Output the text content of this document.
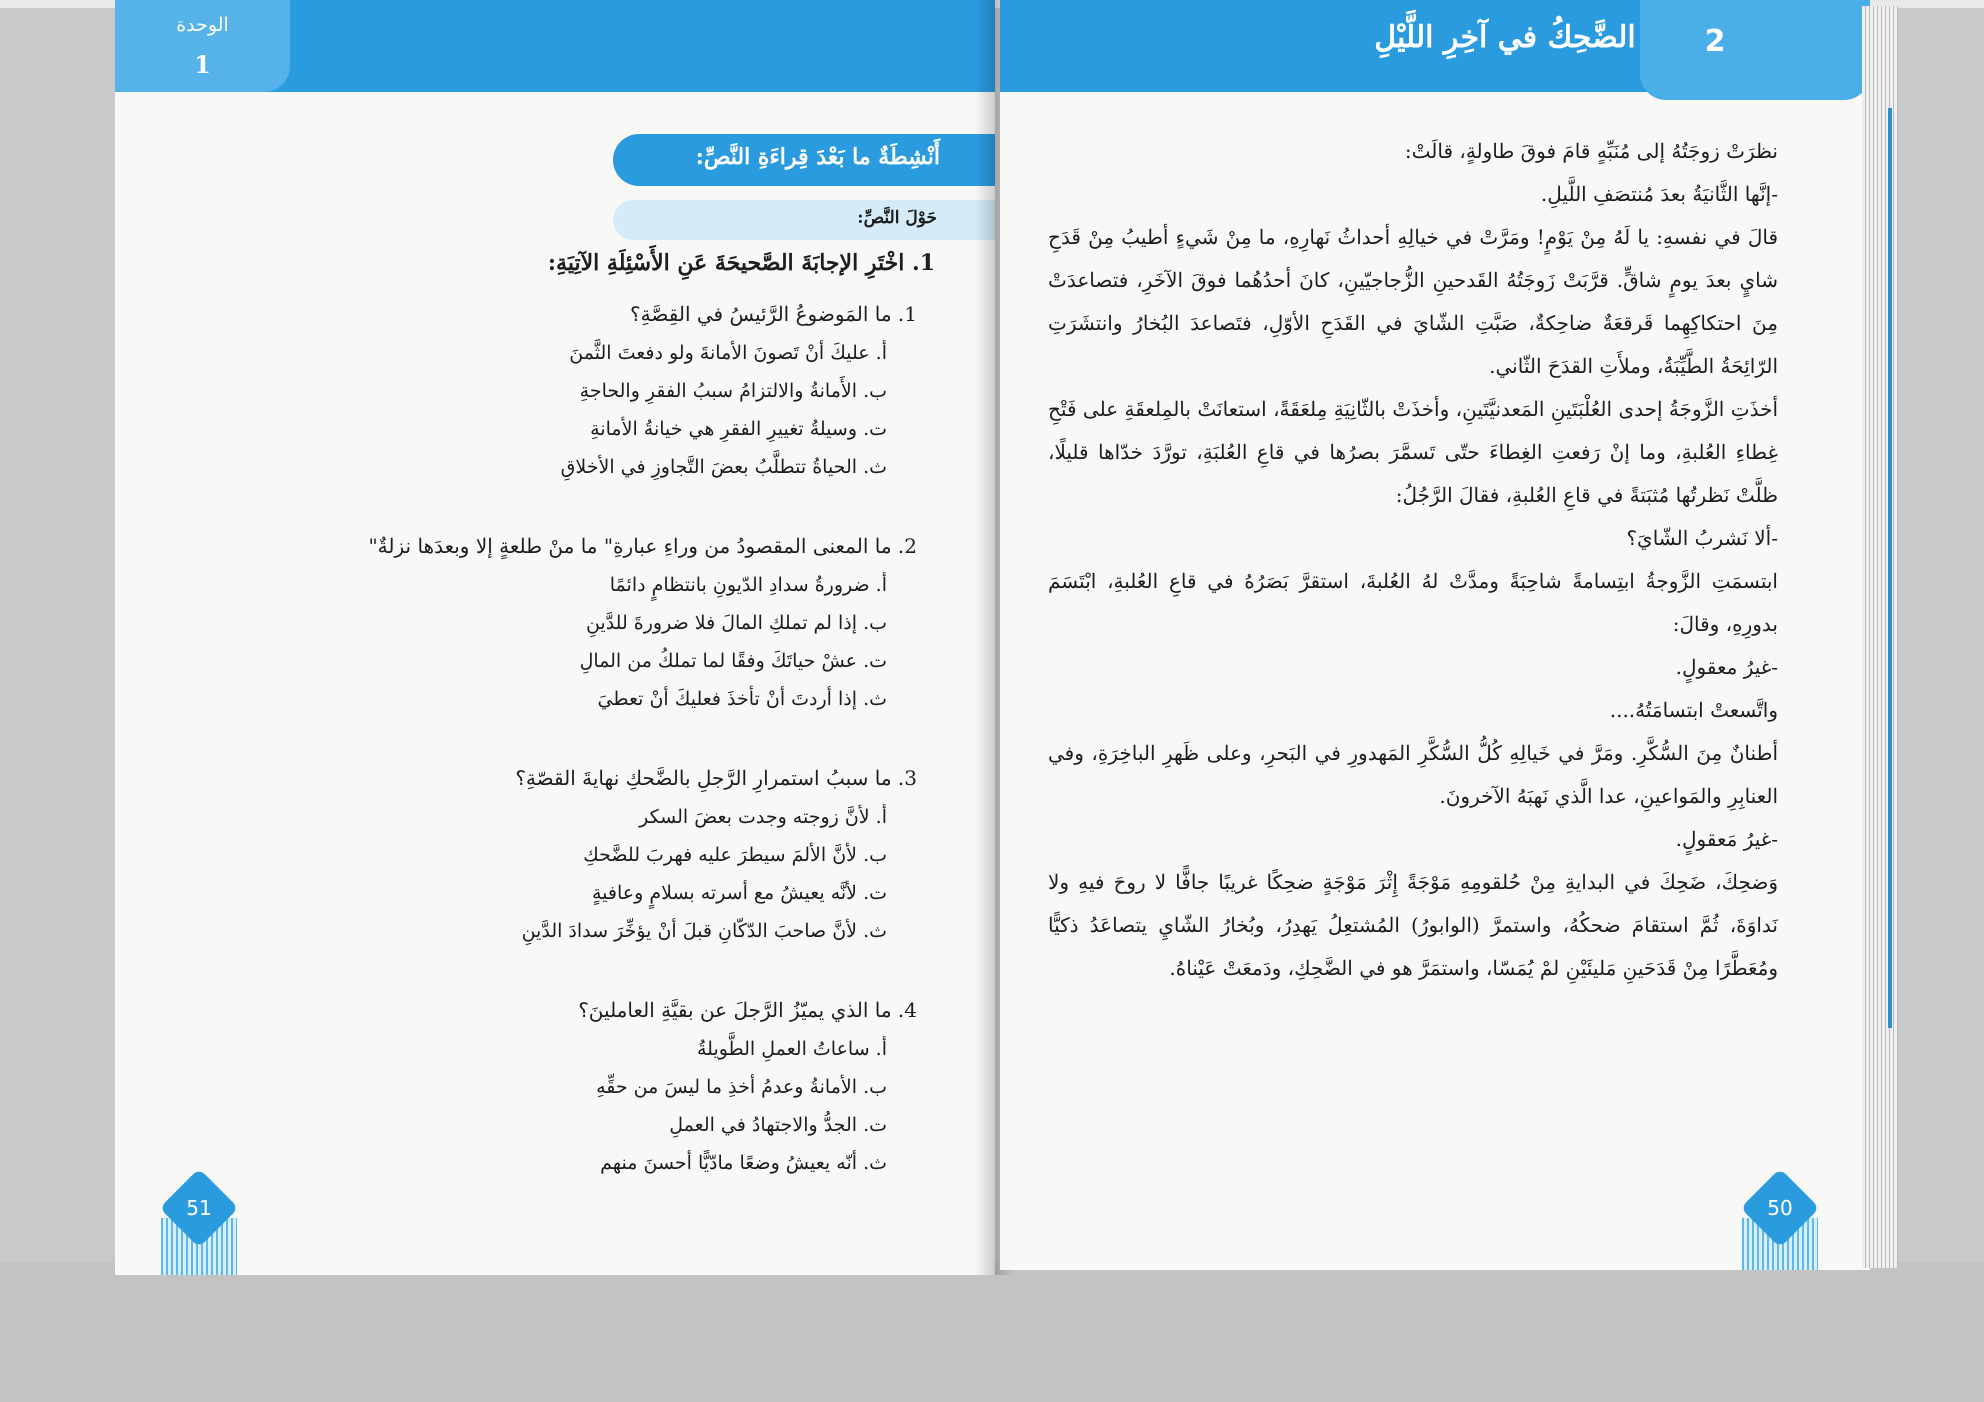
الوحدة
1
أَنْشِطَةٌ ما بَعْدَ قِراءَةِ النَّصِّ:
حَوْلَ النَّصِّ:
1. اخْتَرِ الإجابَةَ الصَّحيحَةَ عَنِ الأَسْئِلَةِ الآتِيَةِ:
1. ما المَوضوعُ الرَّئيسُ في القِصَّةِ؟
أ. عليكَ أنْ تَصونَ الأمانةَ ولو دفعتَ الثَّمنَ
ب. الأَمانةُ والالتزامُ سببُ الفقرِ والحاجةِ
ت. وسيلةُ تغييرِ الفقرِ هي خيانةُ الأمانةِ
ث. الحياةُ تتطلَّبُ بعضَ التَّجاوزِ في الأخلاقِ
2. ما المعنى المقصودُ من وراءِ عبارةِ" ما منْ طلعةٍ إلا وبعدَها نزلةٌ"
أ. ضرورةُ سدادِ الدّيونِ بانتظامٍ دائمًا
ب. إذا لم تملكِ المالَ فلا ضرورةَ للدَّينِ
ت. عشْ حياتَكَ وفقًا لما تملكُ من المالِ
ث. إذا أردتَ أنْ تأخذَ فعليكَ أنْ تعطيَ
3. ما سببُ استمرارِ الرَّجلِ بالضَّحكِ نهايةَ القصّةِ؟
أ. لأنَّ زوجته وجدت بعضَ السكر
ب. لأنَّ الألمَ سيطرَ عليه فهربَ للضَّحكِ
ت. لأنَّه يعيشُ مع أسرته بسلامٍ وعافيةٍ
ث. لأنَّ صاحبَ الدّكّانِ قبلَ أنْ يؤخِّرَ سدادَ الدَّينِ
4. ما الذي يميّزُ الرَّجلَ عن بقيَّةِ العاملينَ؟
أ. ساعاتُ العملِ الطَّويلةُ
ب. الأمانةُ وعدمُ أخذِ ما ليسَ من حقِّهِ
ت. الجدُّ والاجتهادُ في العملِ
ث. أنّه يعيشُ وضعًا مادّيًّا أحسنَ منهم
51
الضَّحِكُ في آخِرِ اللَّيْلِ	2

نظرَتْ زوجَتُهُ إلى مُنَبِّهٍ قامَ فوقَ طاولةٍ، قالَتْ:

-إنَّها الثَّانيَةُ بعدَ مُنتصَفِ اللَّيلِ.

قالَ في نفسهِ: يا لَهُ مِنْ يَوْمٍ! ومَرَّتْ في خيالِهِ أحداثُ نَهارِهِ، ما مِنْ شَيءٍ أطيبُ مِنْ قَدَحِ شايٍ بعدَ يومٍ شاقٍّ. قرَّبَتْ زَوجَتُهُ القَدحينِ الزُّجاجيّينِ، كانَ أحدُهُما فوقَ الآخَرِ، فتصاعدَتْ مِنَ احتكاكِهِما قَرقعَةٌ ضاحِكةٌ، صَبَّتِ الشّايَ في القَدَحِ الأوّلِ، فتَصاعدَ البُخارُ وانتشَرَتِ الرّائِحَةُ الطَّيِّبَةُ، وملأَتِ القدَحَ الثّاني.

أخذَتِ الزَّوجَةُ إحدى العُلْبَتَينِ المَعدنيَّتَينِ، وأخذَتْ بالثّانِيَةِ مِلعَقَةً، استعانَتْ بالمِلعقَةِ على فَتْحِ غِطاءِ العُلبةِ، وما إنْ رَفعتِ الغِطاءَ حتّى تَسمَّرَ بصرُها في قاعِ العُلبَةِ، تورَّدَ خدّاها قليلًا، ظلَّتْ نَظرتُها مُثبَتةً في قاعِ العُلبةِ، فقالَ الرَّجُلُ:

-ألا نَشربُ الشّايَ؟

ابتسمَتِ الزَّوجةُ ابتِسامةً شاحِبَةً ومدَّتْ لهُ العُلبةَ، استقرَّ بَصَرُهُ في قاعِ العُلبةِ، ابْتَسَمَ بدورِهِ، وقالَ:

-غيرُ معقولٍ.

واتَّسعتْ ابتسامَتُهُ....

أطنانٌ مِنَ السُّكَّرِ. ومَرَّ في خَيالِهِ كُلُّ السُّكَّرِ المَهدورِ في البَحرِ، وعلى ظَهرِ الباخِرَةِ، وفي العنابِرِ والمَواعينِ، عدا الَّذي نَهبَهُ الآخرونَ.

-غيرُ مَعقولٍ.

وَضحِكَ، ضَحِكَ في البدايةِ مِنْ حُلقومِهِ مَوْجَةً إِثْرَ مَوْجَةٍ ضحِكًا غريبًا جافًّا لا روحَ فيهِ ولا نَداوَةَ، ثُمَّ استقامَ ضحكُهُ، واستمرَّ (الوابورُ) المُشتعِلُ يَهدِرُ، وبُخارُ الشّايِ يتصاعَدُ ذكيًّا ومُعَطَّرًا مِنْ قَدَحَينِ مَليئَيْنِ لمْ يُمَسّا، واستمَرَّ هو في الضَّحِكِ، ودَمعَتْ عَيْناهُ.

50
